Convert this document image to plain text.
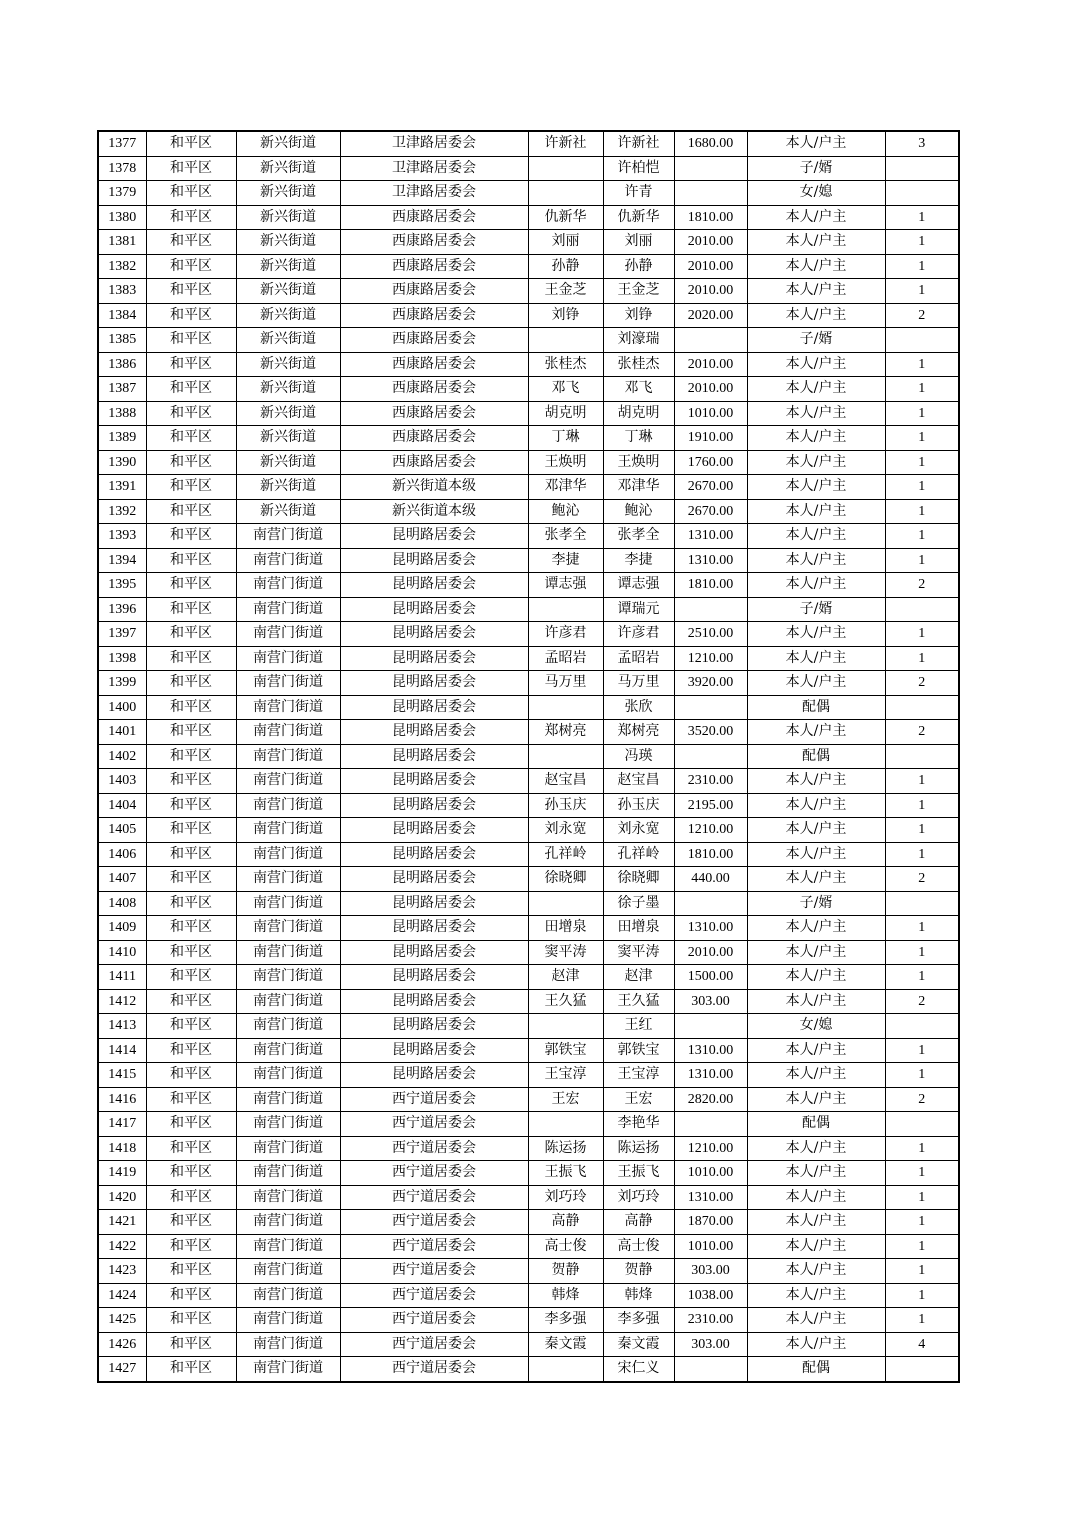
1377	和平区	新兴街道	卫津路居委会	许新社	许新社	1680.00	本人/户主	3
1378	和平区	新兴街道	卫津路居委会		许柏恺		子/婿	
1379	和平区	新兴街道	卫津路居委会		许青		女/媳	
1380	和平区	新兴街道	西康路居委会	仇新华	仇新华	1810.00	本人/户主	1
1381	和平区	新兴街道	西康路居委会	刘丽	刘丽	2010.00	本人/户主	1
1382	和平区	新兴街道	西康路居委会	孙静	孙静	2010.00	本人/户主	1
1383	和平区	新兴街道	西康路居委会	王金芝	王金芝	2010.00	本人/户主	1
1384	和平区	新兴街道	西康路居委会	刘铮	刘铮	2020.00	本人/户主	2
1385	和平区	新兴街道	西康路居委会		刘濠瑞		子/婿	
1386	和平区	新兴街道	西康路居委会	张桂杰	张桂杰	2010.00	本人/户主	1
1387	和平区	新兴街道	西康路居委会	邓飞	邓飞	2010.00	本人/户主	1
1388	和平区	新兴街道	西康路居委会	胡克明	胡克明	1010.00	本人/户主	1
1389	和平区	新兴街道	西康路居委会	丁琳	丁琳	1910.00	本人/户主	1
1390	和平区	新兴街道	西康路居委会	王焕明	王焕明	1760.00	本人/户主	1
1391	和平区	新兴街道	新兴街道本级	邓津华	邓津华	2670.00	本人/户主	1
1392	和平区	新兴街道	新兴街道本级	鲍沁	鲍沁	2670.00	本人/户主	1
1393	和平区	南营门街道	昆明路居委会	张孝全	张孝全	1310.00	本人/户主	1
1394	和平区	南营门街道	昆明路居委会	李捷	李捷	1310.00	本人/户主	1
1395	和平区	南营门街道	昆明路居委会	谭志强	谭志强	1810.00	本人/户主	2
1396	和平区	南营门街道	昆明路居委会		谭瑞元		子/婿	
1397	和平区	南营门街道	昆明路居委会	许彦君	许彦君	2510.00	本人/户主	1
1398	和平区	南营门街道	昆明路居委会	孟昭岩	孟昭岩	1210.00	本人/户主	1
1399	和平区	南营门街道	昆明路居委会	马万里	马万里	3920.00	本人/户主	2
1400	和平区	南营门街道	昆明路居委会		张欣		配偶	
1401	和平区	南营门街道	昆明路居委会	郑树亮	郑树亮	3520.00	本人/户主	2
1402	和平区	南营门街道	昆明路居委会		冯瑛		配偶	
1403	和平区	南营门街道	昆明路居委会	赵宝昌	赵宝昌	2310.00	本人/户主	1
1404	和平区	南营门街道	昆明路居委会	孙玉庆	孙玉庆	2195.00	本人/户主	1
1405	和平区	南营门街道	昆明路居委会	刘永宽	刘永宽	1210.00	本人/户主	1
1406	和平区	南营门街道	昆明路居委会	孔祥岭	孔祥岭	1810.00	本人/户主	1
1407	和平区	南营门街道	昆明路居委会	徐晓卿	徐晓卿	440.00	本人/户主	2
1408	和平区	南营门街道	昆明路居委会		徐子墨		子/婿	
1409	和平区	南营门街道	昆明路居委会	田增泉	田增泉	1310.00	本人/户主	1
1410	和平区	南营门街道	昆明路居委会	窦平涛	窦平涛	2010.00	本人/户主	1
1411	和平区	南营门街道	昆明路居委会	赵津	赵津	1500.00	本人/户主	1
1412	和平区	南营门街道	昆明路居委会	王久猛	王久猛	303.00	本人/户主	2
1413	和平区	南营门街道	昆明路居委会		王红		女/媳	
1414	和平区	南营门街道	昆明路居委会	郭铁宝	郭铁宝	1310.00	本人/户主	1
1415	和平区	南营门街道	昆明路居委会	王宝淳	王宝淳	1310.00	本人/户主	1
1416	和平区	南营门街道	西宁道居委会	王宏	王宏	2820.00	本人/户主	2
1417	和平区	南营门街道	西宁道居委会		李艳华		配偶	
1418	和平区	南营门街道	西宁道居委会	陈运扬	陈运扬	1210.00	本人/户主	1
1419	和平区	南营门街道	西宁道居委会	王振飞	王振飞	1010.00	本人/户主	1
1420	和平区	南营门街道	西宁道居委会	刘巧玲	刘巧玲	1310.00	本人/户主	1
1421	和平区	南营门街道	西宁道居委会	高静	高静	1870.00	本人/户主	1
1422	和平区	南营门街道	西宁道居委会	高士俊	高士俊	1010.00	本人/户主	1
1423	和平区	南营门街道	西宁道居委会	贺静	贺静	303.00	本人/户主	1
1424	和平区	南营门街道	西宁道居委会	韩烽	韩烽	1038.00	本人/户主	1
1425	和平区	南营门街道	西宁道居委会	李多强	李多强	2310.00	本人/户主	1
1426	和平区	南营门街道	西宁道居委会	秦文霞	秦文霞	303.00	本人/户主	4
1427	和平区	南营门街道	西宁道居委会		宋仁义		配偶	
